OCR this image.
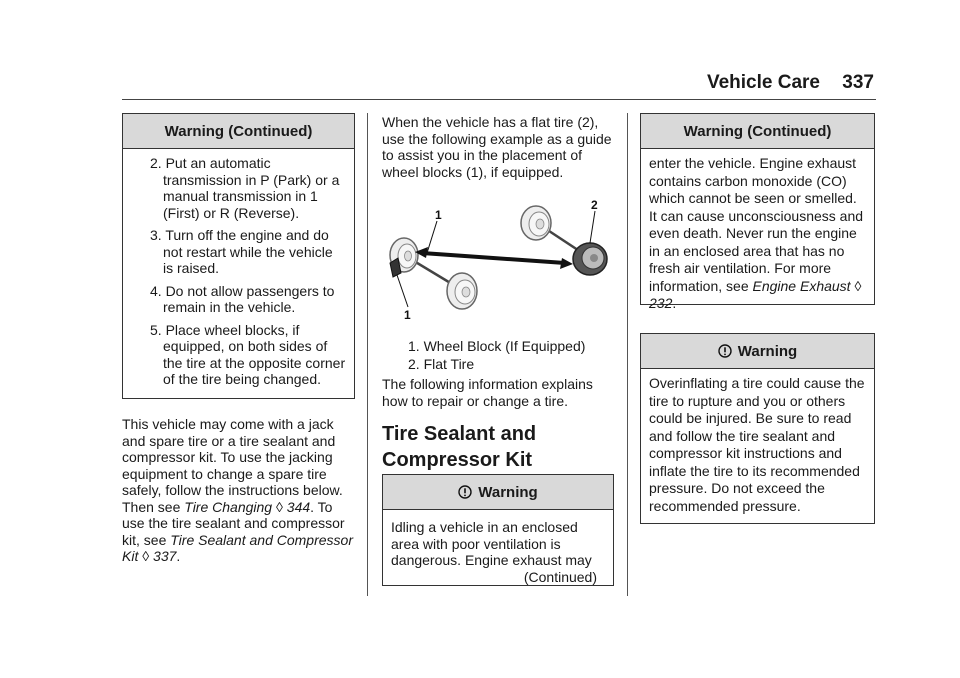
Vehicle Care 337
Warning (Continued)
2. Put an automatic transmission in P (Park) or a manual transmission in 1 (First) or R (Reverse).
3. Turn off the engine and do not restart while the vehicle is raised.
4. Do not allow passengers to remain in the vehicle.
5. Place wheel blocks, if equipped, on both sides of the tire at the opposite corner of the tire being changed.

This vehicle may come with a jack and spare tire or a tire sealant and compressor kit. To use the jacking equipment to change a spare tire safely, follow the instructions below. Then see Tire Changing ◊ 344. To use the tire sealant and compressor kit, see Tire Sealant and Compressor Kit ◊ 337.

When the vehicle has a flat tire (2), use the following example as a guide to assist you in the placement of wheel blocks (1), if equipped.

1
1
2
1. Wheel Block (If Equipped)
2. Flat Tire

The following information explains how to repair or change a tire.

Tire Sealant and Compressor Kit
Warning
Idling a vehicle in an enclosed area with poor ventilation is dangerous. Engine exhaust may
(Continued)
Warning (Continued)
enter the vehicle. Engine exhaust contains carbon monoxide (CO) which cannot be seen or smelled. It can cause unconsciousness and even death. Never run the engine in an enclosed area that has no fresh air ventilation. For more information, see Engine Exhaust ◊ 232.
Warning
Overinflating a tire could cause the tire to rupture and you or others could be injured. Be sure to read and follow the tire sealant and compressor kit instructions and inflate the tire to its recommended pressure. Do not exceed the recommended pressure.
